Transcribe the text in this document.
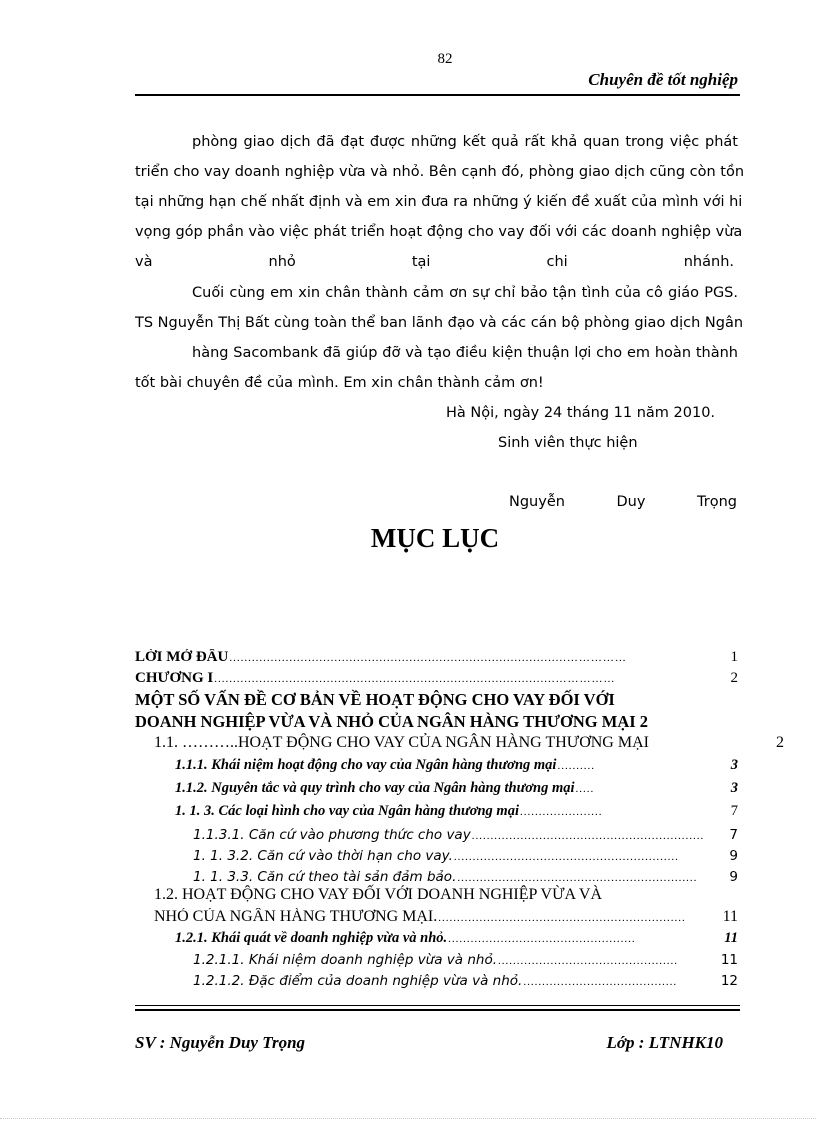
82
Chuyên đề tốt nghiệp
phòng giao dịch đã đạt được những kết quả rất khả quan trong việc phát
triển cho vay doanh nghiệp vừa và nhỏ. Bên cạnh đó, phòng giao dịch cũng còn tồn
tại những hạn chế nhất định và em xin đưa ra những ý kiến đề xuất của mình với hi
vọng góp phần vào việc phát triển hoạt động cho vay đối với các doanh nghiệp vừa
và	nhỏ	tại	chi	nhánh.
Cuối cùng em xin chân thành cảm ơn sự chỉ bảo tận tình của cô giáo PGS.
TS Nguyễn Thị Bất cùng toàn thể ban lãnh đạo và các cán bộ phòng giao dịch Ngân
hàng Sacombank đã giúp đỡ và tạo điều kiện thuận lợi cho em hoàn thành
tốt bài chuyên đề của mình. Em xin chân thành cảm ơn!
Hà Nội, ngày 24 tháng 11 năm 2010.
Sinh viên thực hiện
Nguyễn	Duy	Trọng
MỤC LỤC
LỜI MỞ ĐẦU ..........................................................................................……………	1
CHƯƠNG I ...........................................................................................……………	2
MỘT SỐ VẤN ĐỀ CƠ BẢN VỀ HOẠT ĐỘNG CHO VAY ĐỐI VỚI
DOANH NGHIỆP VỪA VÀ NHỎ CỦA NGÂN HÀNG THƯƠNG MẠI 2
1.1. ………..HOẠT ĐỘNG CHO VAY CỦA NGÂN HÀNG THƯƠNG MẠI	2
1.1.1. Khái niệm hoạt động cho vay của Ngân hàng thương mại ..........	3
1.1.2. Nguyên tắc và quy trình cho vay của Ngân hàng thương mại .....	3
1. 1. 3. Các loại hình cho vay của Ngân hàng thương mại ......................	7
1.1.3.1. Căn cứ vào phương thức cho vay ..............................................................	7
1. 1. 3.2. Căn cứ vào thời hạn cho vay. ............................................................	9
1. 1. 3.3. Căn cứ theo tài sản đảm bảo. ................................................................	9
1.2. HOẠT ĐỘNG CHO VAY ĐỐI VỚI DOANH NGHIỆP VỪA VÀ
NHỎ CỦA NGÂN HÀNG THƯƠNG MẠI. ..................................................................	11
1.2.1. Khái quát về doanh nghiệp vừa và nhỏ. ..................................................	11
1.2.1.1. Khái niệm doanh nghiệp vừa và nhỏ. ................................................	11
1.2.1.2. Đặc điểm của doanh nghiệp vừa và nhỏ. .........................................	12
SV : Nguyễn Duy Trọng	Lớp : LTNHK10
